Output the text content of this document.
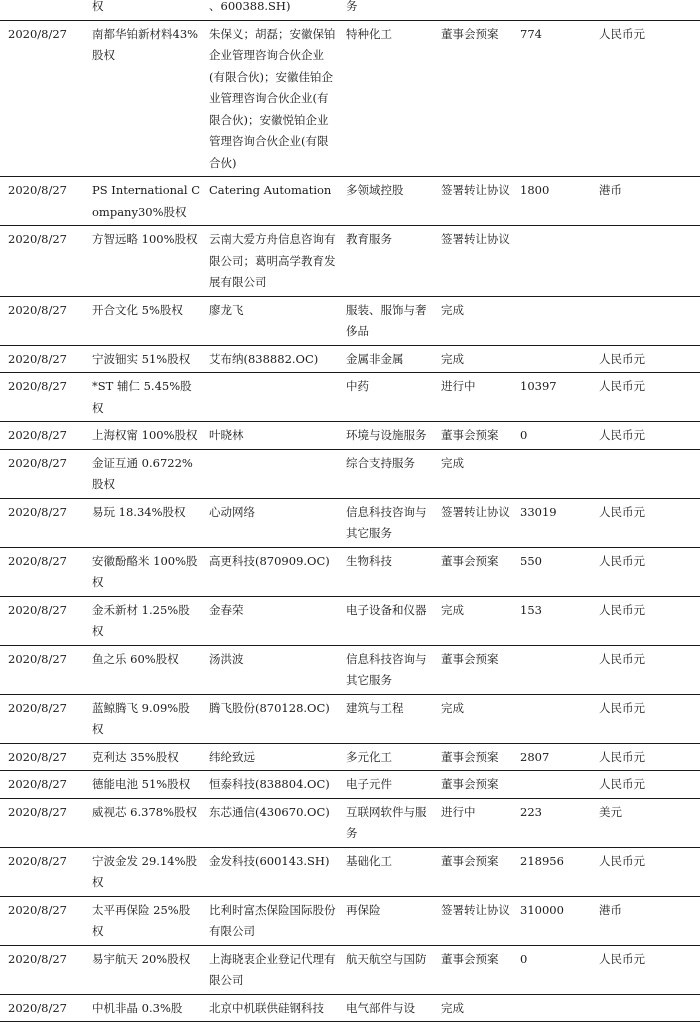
	权	、600388.SH)	务			
2020/8/27	南都华铂新材料43%股权	朱保义；胡磊；安徽保铂企业管理咨询合伙企业(有限合伙)；安徽佳铂企业管理咨询合伙企业(有限合伙)；安徽悦铂企业管理咨询合伙企业(有限合伙)	特种化工	董事会预案	774	人民币元
2020/8/27	PS International Company30%股权	Catering Automation	多领域控股	签署转让协议	1800	港币
2020/8/27	方智远略 100%股权	云南大爱方舟信息咨询有限公司；葛明高学教育发展有限公司	教育服务	签署转让协议		
2020/8/27	开合文化 5%股权	廖龙飞	服装、服饰与奢侈品	完成		
2020/8/27	宁波钿实 51%股权	艾布纳(838882.OC)	金属非金属	完成		人民币元
2020/8/27	*ST 辅仁 5.45%股权		中药	进行中	10397	人民币元
2020/8/27	上海权甯 100%股权	叶晓林	环境与设施服务	董事会预案	0	人民币元
2020/8/27	金证互通 0.6722%股权		综合支持服务	完成		
2020/8/27	易玩 18.34%股权	心动网络	信息科技咨询与其它服务	签署转让协议	33019	人民币元
2020/8/27	安徽酚酪米 100%股权	高更科技(870909.OC)	生物科技	董事会预案	550	人民币元
2020/8/27	金禾新材 1.25%股权	金春荣	电子设备和仪器	完成	153	人民币元
2020/8/27	鱼之乐 60%股权	汤洪波	信息科技咨询与其它服务	董事会预案		人民币元
2020/8/27	蓝鲸腾飞 9.09%股权	腾飞股份(870128.OC)	建筑与工程	完成		人民币元
2020/8/27	克利达 35%股权	纬纶致远	多元化工	董事会预案	2807	人民币元
2020/8/27	德能电池 51%股权	恒泰科技(838804.OC)	电子元件	董事会预案		人民币元
2020/8/27	威视芯 6.378%股权	东芯通信(430670.OC)	互联网软件与服务	进行中	223	美元
2020/8/27	宁波金发 29.14%股权	金发科技(600143.SH)	基础化工	董事会预案	218956	人民币元
2020/8/27	太平再保险 25%股权	比利时富杰保险国际股份有限公司	再保险	签署转让协议	310000	港币
2020/8/27	易宇航天 20%股权	上海晓衷企业登记代理有限公司	航天航空与国防	董事会预案	0	人民币元
2020/8/27	中机非晶 0.3%股	北京中机联供硅钢科技	电气部件与设	完成		
